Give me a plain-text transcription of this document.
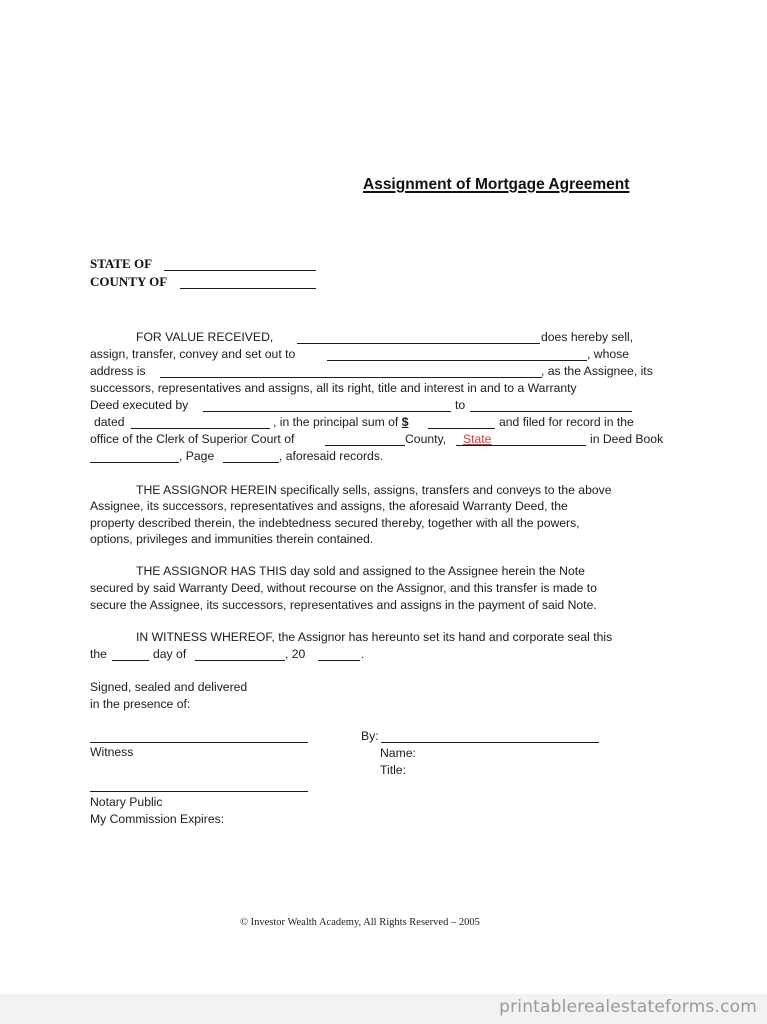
Assignment of Mortgage Agreement
STATE OF
COUNTY OF
FOR VALUE RECEIVED,	does hereby sell,
assign, transfer, convey and set out to	, whose
address is	, as the Assignee, its
successors, representatives and assigns, all its right, title and interest in and to a Warranty
Deed executed by	to
dated	, in the principal sum of $	and filed for record in the
office of the Clerk of Superior Court of	County, State	in Deed Book
, Page	, aforesaid records.
THE ASSIGNOR HEREIN specifically sells, assigns, transfers and conveys to the above
Assignee, its successors, representatives and assigns, the aforesaid Warranty Deed, the
property described therein, the indebtedness secured thereby, together with all the powers,
options, privileges and immunities therein contained.
THE ASSIGNOR HAS THIS day sold and assigned to the Assignee herein the Note
secured by said Warranty Deed, without recourse on the Assignor, and this transfer is made to
secure the Assignee, its successors, representatives and assigns in the payment of said Note.
IN WITNESS WHEREOF, the Assignor has hereunto set its hand and corporate seal this
the	day of	, 20	.
Signed, sealed and delivered
in the presence of:
Witness
By:
Name:
Title:
Notary Public
My Commission Expires:
© Investor Wealth Academy, All Rights Reserved – 2005
printablerealestateforms.com
